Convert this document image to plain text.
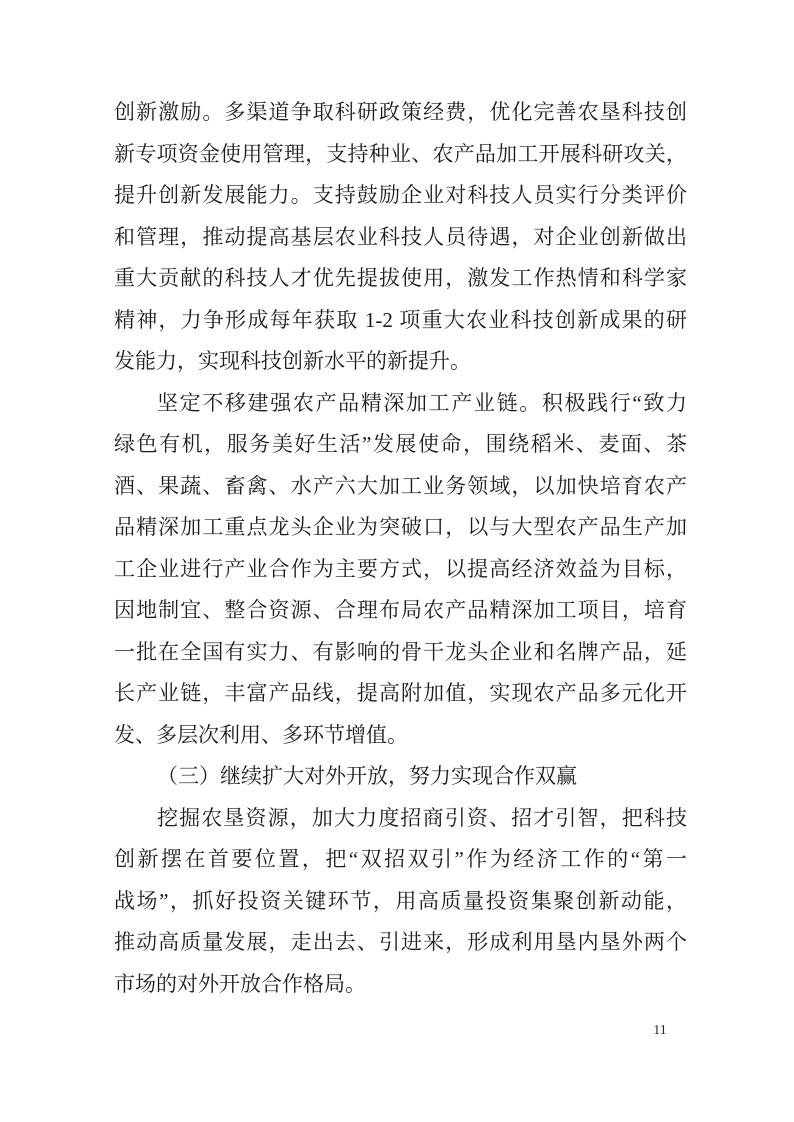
创新激励。多渠道争取科研政策经费，优化完善农垦科技创
新专项资金使用管理，支持种业、农产品加工开展科研攻关，
提升创新发展能力。支持鼓励企业对科技人员实行分类评价
和管理，推动提高基层农业科技人员待遇，对企业创新做出
重大贡献的科技人才优先提拔使用，激发工作热情和科学家
精神，力争形成每年获取 1-2 项重大农业科技创新成果的研
发能力，实现科技创新水平的新提升。
坚定不移建强农产品精深加工产业链。积极践行“致力
绿色有机，服务美好生活”发展使命，围绕稻米、麦面、茶
酒、果蔬、畜禽、水产六大加工业务领域，以加快培育农产
品精深加工重点龙头企业为突破口，以与大型农产品生产加
工企业进行产业合作为主要方式，以提高经济效益为目标，
因地制宜、整合资源、合理布局农产品精深加工项目，培育
一批在全国有实力、有影响的骨干龙头企业和名牌产品，延
长产业链，丰富产品线，提高附加值，实现农产品多元化开
发、多层次利用、多环节增值。
（三）继续扩大对外开放，努力实现合作双赢
挖掘农垦资源，加大力度招商引资、招才引智，把科技
创新摆在首要位置，把“双招双引”作为经济工作的“第一
战场”，抓好投资关键环节，用高质量投资集聚创新动能，
推动高质量发展，走出去、引进来，形成利用垦内垦外两个
市场的对外开放合作格局。
11
